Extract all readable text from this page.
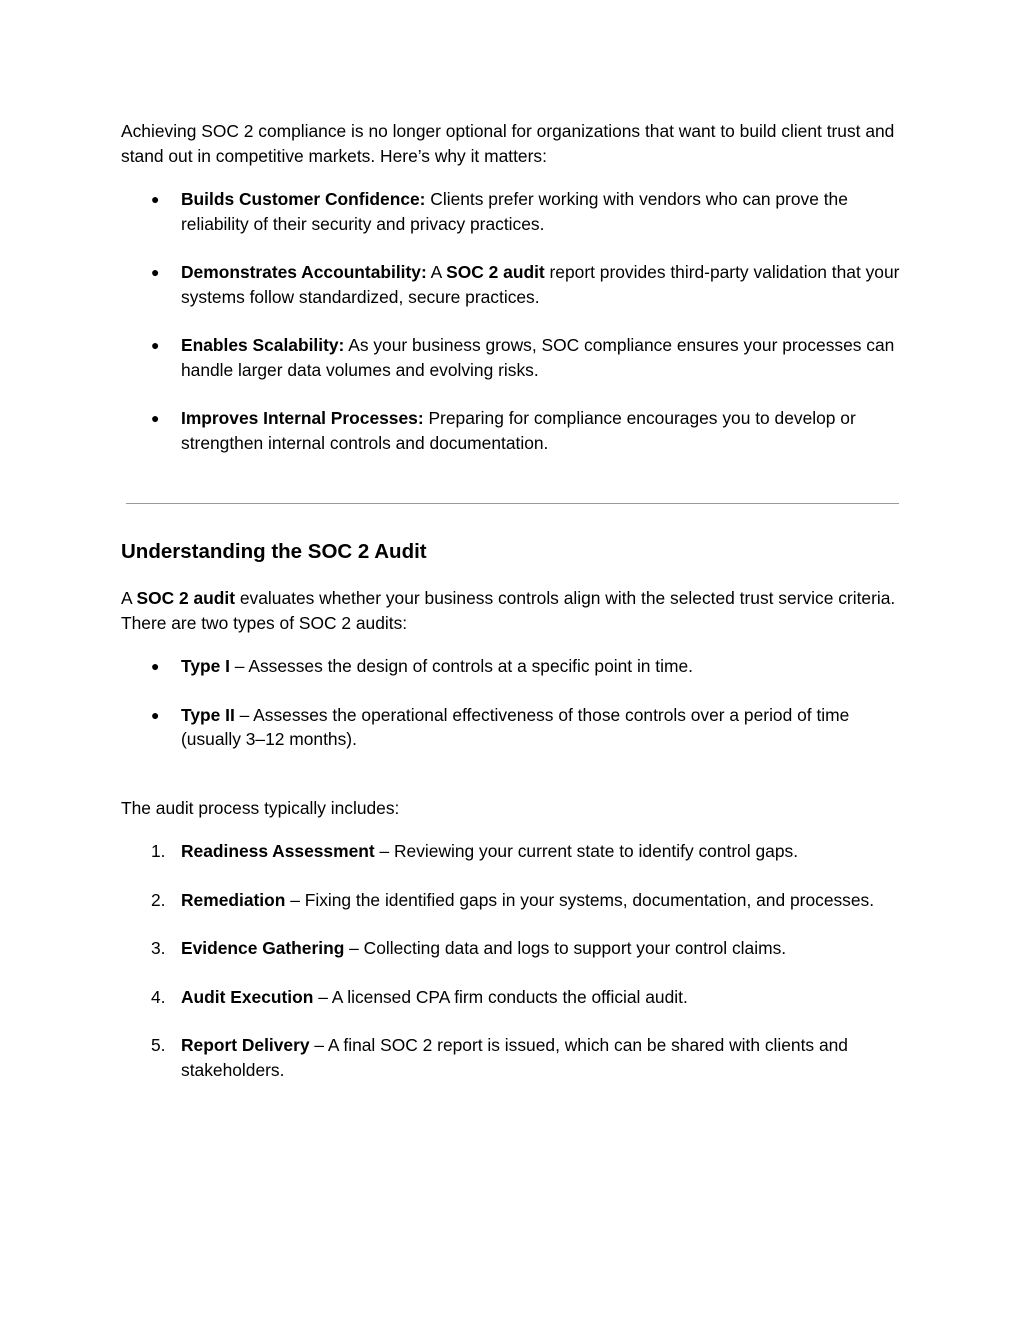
Achieving SOC 2 compliance is no longer optional for organizations that want to build client trust and stand out in competitive markets. Here’s why it matters:

● Builds Customer Confidence: Clients prefer working with vendors who can prove the reliability of their security and privacy practices.
● Demonstrates Accountability: A SOC 2 audit report provides third-party validation that your systems follow standardized, secure practices.
● Enables Scalability: As your business grows, SOC compliance ensures your processes can handle larger data volumes and evolving risks.
● Improves Internal Processes: Preparing for compliance encourages you to develop or strengthen internal controls and documentation.
Understanding the SOC 2 Audit

A SOC 2 audit evaluates whether your business controls align with the selected trust service criteria. There are two types of SOC 2 audits:

● Type I – Assesses the design of controls at a specific point in time.
● Type II – Assesses the operational effectiveness of those controls over a period of time (usually 3–12 months).

The audit process typically includes:

1. Readiness Assessment – Reviewing your current state to identify control gaps.
2. Remediation – Fixing the identified gaps in your systems, documentation, and processes.
3. Evidence Gathering – Collecting data and logs to support your control claims.
4. Audit Execution – A licensed CPA firm conducts the official audit.
5. Report Delivery – A final SOC 2 report is issued, which can be shared with clients and stakeholders.
